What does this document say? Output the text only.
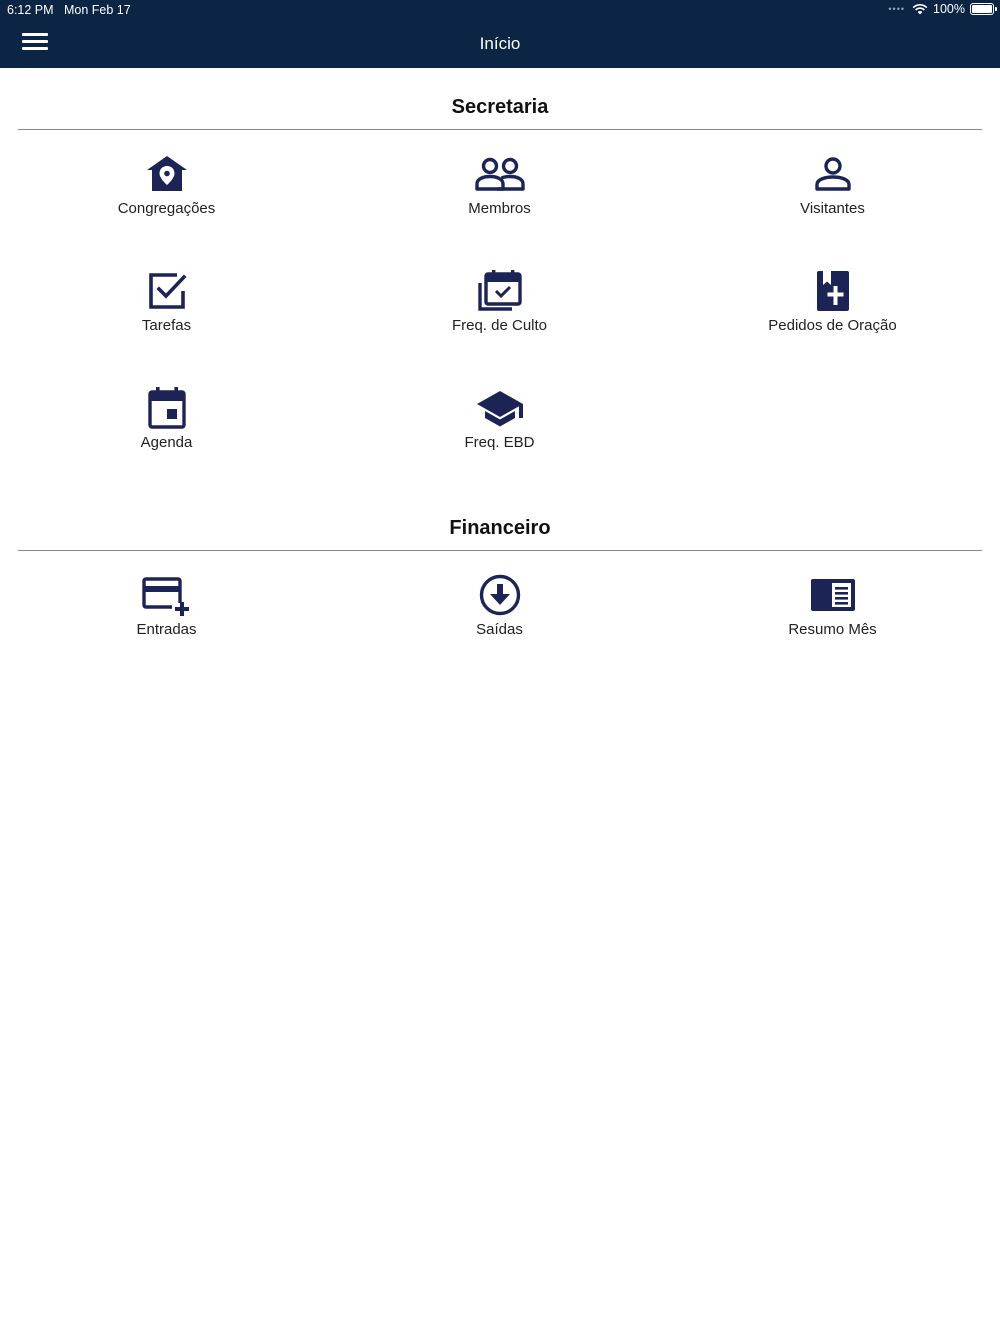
6:12 PM Mon Feb 17	•••• 100%
Início
Secretaria
Congregações	Membros	Visitantes
Tarefas	Freq. de Culto	Pedidos de Oração
Agenda	Freq. EBD
Financeiro
Entradas	Saídas	Resumo Mês
